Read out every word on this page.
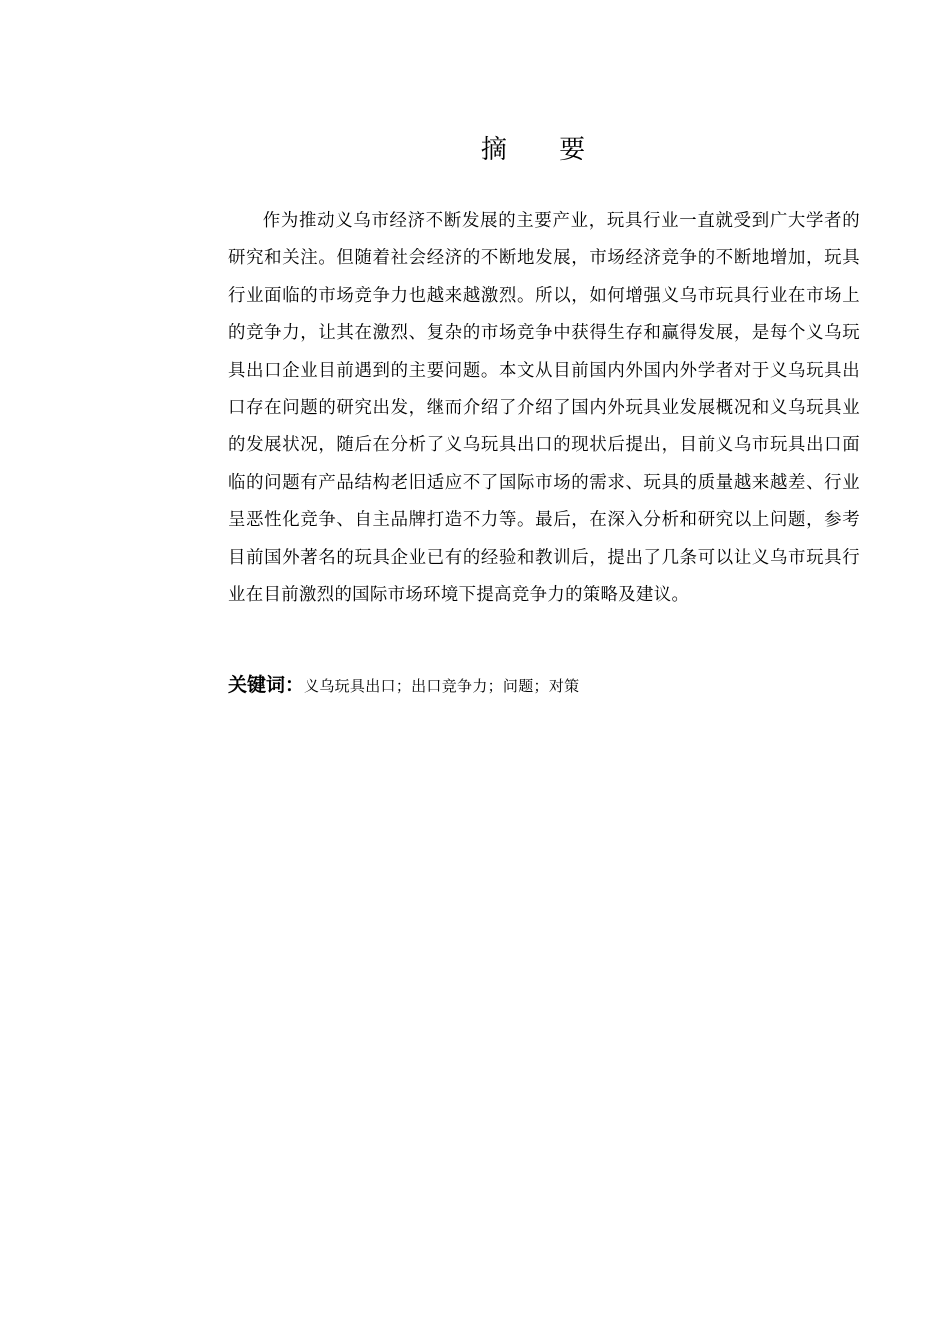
摘 要

作为推动义乌市经济不断发展的主要产业，玩具行业一直就受到广大学者的研究和关注。但随着社会经济的不断地发展，市场经济竞争的不断地增加，玩具行业面临的市场竞争力也越来越激烈。所以，如何增强义乌市玩具行业在市场上的竞争力，让其在激烈、复杂的市场竞争中获得生存和赢得发展，是每个义乌玩具出口企业目前遇到的主要问题。本文从目前国内外国内外学者对于义乌玩具出口存在问题的研究出发，继而介绍了介绍了国内外玩具业发展概况和义乌玩具业的发展状况，随后在分析了义乌玩具出口的现状后提出，目前义乌市玩具出口面临的问题有产品结构老旧适应不了国际市场的需求、玩具的质量越来越差、行业呈恶性化竞争、自主品牌打造不力等。最后，在深入分析和研究以上问题，参考目前国外著名的玩具企业已有的经验和教训后，提出了几条可以让义乌市玩具行业在目前激烈的国际市场环境下提高竞争力的策略及建议。

关键词：义乌玩具出口；出口竞争力；问题；对策
